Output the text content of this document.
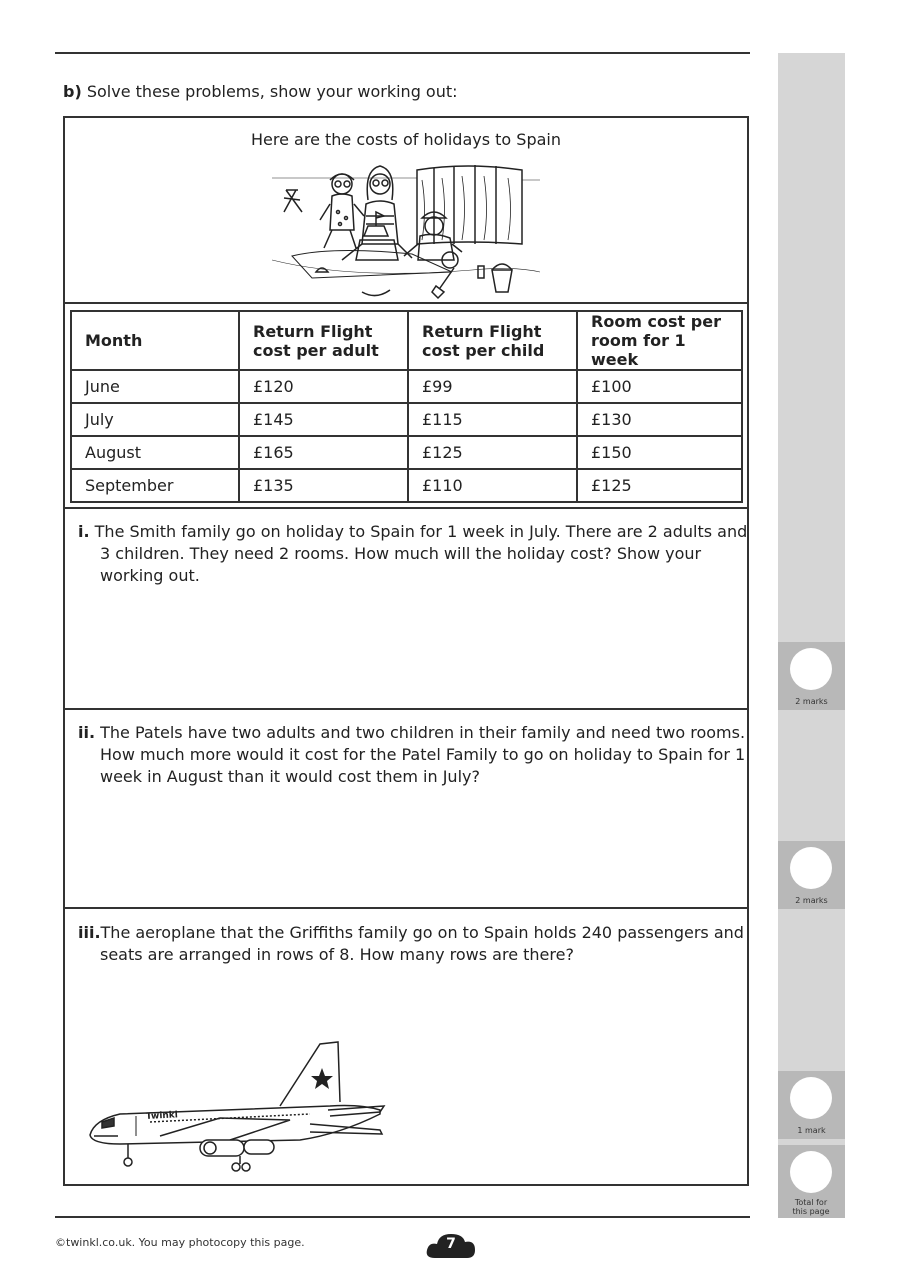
b) Solve these problems, show your working out:
Here are the costs of holidays to Spain
Month	Return Flight cost per adult	Return Flight cost per child	Room cost per room for 1 week
June	£120	£99	£100
July	£145	£115	£130
August	£165	£125	£150
September	£135	£110	£125
i. The Smith family go on holiday to Spain for 1 week in July. There are 2 adults and 3 children. They need 2 rooms. How much will the holiday cost? Show your working out.
ii. The Patels have two adults and two children in their family and need two rooms. How much more would it cost for the Patel Family to go on holiday to Spain for 1 week in August than it would cost them in July?
iii.The aeroplane that the Griffiths family go on to Spain holds 240 passengers and seats are arranged in rows of 8. How many rows are there?
Twinkl
2 marks
2 marks
1 mark
Total for this page
©twinkl.co.uk. You may photocopy this page.	7
